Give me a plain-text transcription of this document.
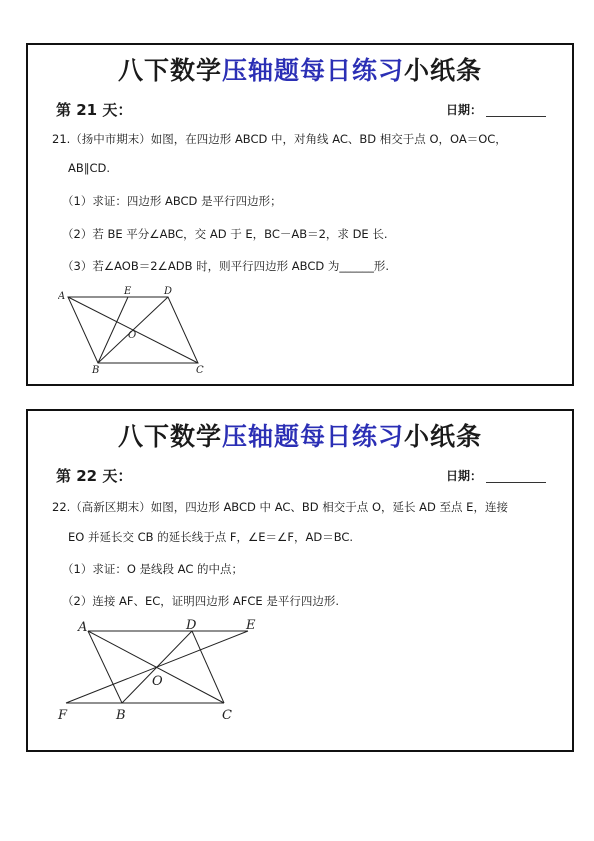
八下数学压轴题每日练习小纸条
第 21 天：	日期：
21.（扬中市期末）如图，在四边形 ABCD 中，对角线 AC、BD 相交于点 O，OA＝OC，
AB∥CD.
（1）求证：四边形 ABCD 是平行四边形；
（2）若 BE 平分∠ABC，交 AD 于 E，BC－AB＝2，求 DE 长.
（3）若∠AOB＝2∠ADB 时，则平行四边形 ABCD 为______形.
A	E	D
O
B	C
八下数学压轴题每日练习小纸条
第 22 天：	日期：
22.（高新区期末）如图，四边形 ABCD 中 AC、BD 相交于点 O，延长 AD 至点 E，连接
EO 并延长交 CB 的延长线于点 F，∠E＝∠F，AD＝BC.
（1）求证：O 是线段 AC 的中点；
（2）连接 AF、EC，证明四边形 AFCE 是平行四边形.
A	D	E
O
F	B	C
